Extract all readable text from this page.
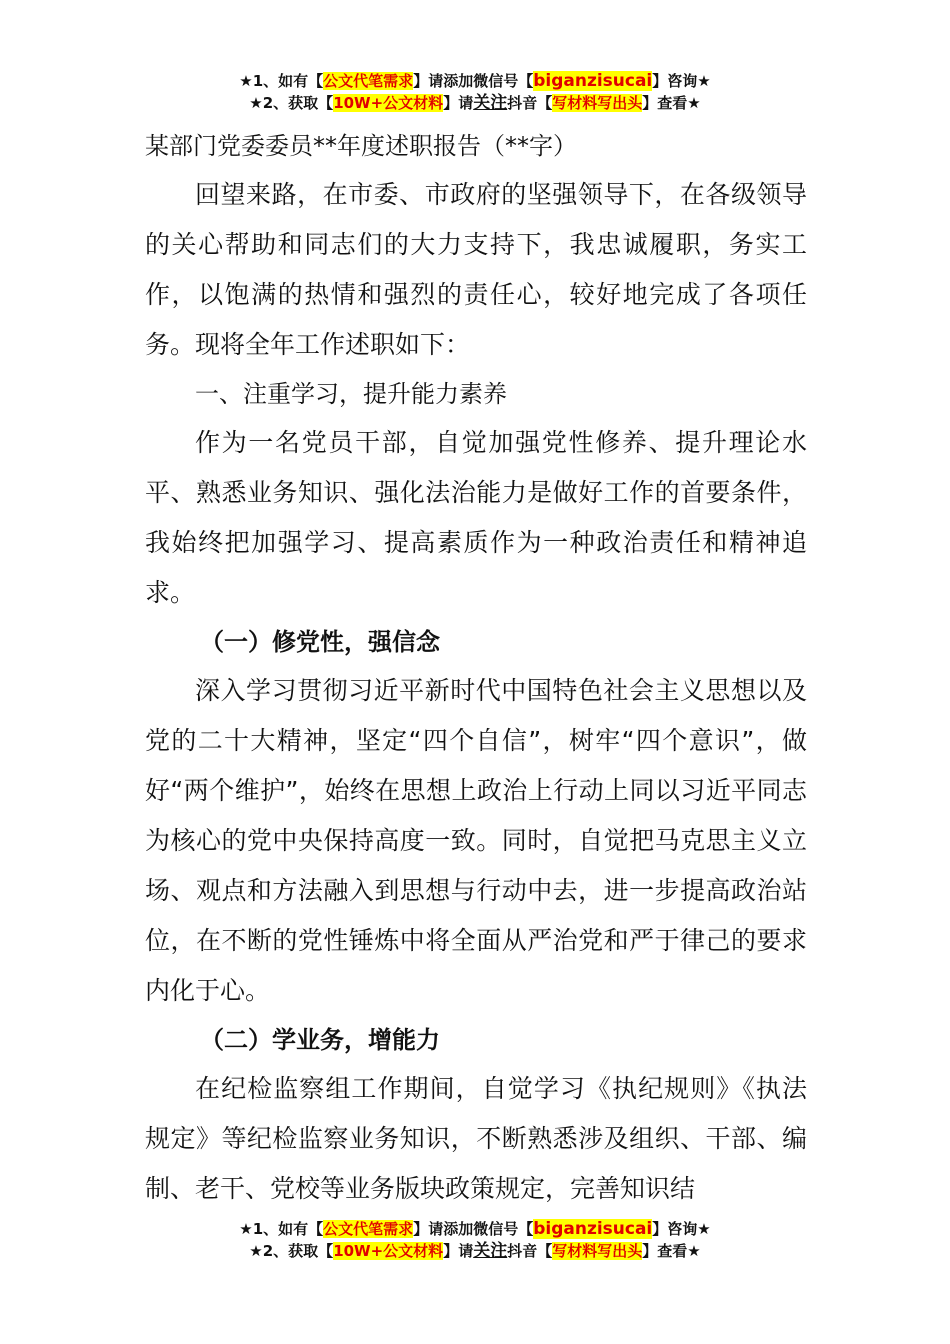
★1、如有【公文代笔需求】请添加微信号【biganzisucai】咨询★
★2、获取【10W+公文材料】请关注抖音【写材料写出头】查看★
某部门党委委员**年度述职报告（**字）

回望来路，在市委、市政府的坚强领导下，在各级领导的关心帮助和同志们的大力支持下，我忠诚履职，务实工作，以饱满的热情和强烈的责任心，较好地完成了各项任务。现将全年工作述职如下：

一、注重学习，提升能力素养

作为一名党员干部，自觉加强党性修养、提升理论水平、熟悉业务知识、强化法治能力是做好工作的首要条件，我始终把加强学习、提高素质作为一种政治责任和精神追求。

（一）修党性，强信念

深入学习贯彻习近平新时代中国特色社会主义思想以及党的二十大精神，坚定“四个自信”，树牢“四个意识”，做好“两个维护”，始终在思想上政治上行动上同以习近平同志为核心的党中央保持高度一致。同时，自觉把马克思主义立场、观点和方法融入到思想与行动中去，进一步提高政治站位，在不断的党性锤炼中将全面从严治党和严于律己的要求内化于心。

（二）学业务，增能力

在纪检监察组工作期间，自觉学习《执纪规则》《执法规定》等纪检监察业务知识，不断熟悉涉及组织、干部、编制、老干、党校等业务版块政策规定，完善知识结

★1、如有【公文代笔需求】请添加微信号【biganzisucai】咨询★
★2、获取【10W+公文材料】请关注抖音【写材料写出头】查看★
